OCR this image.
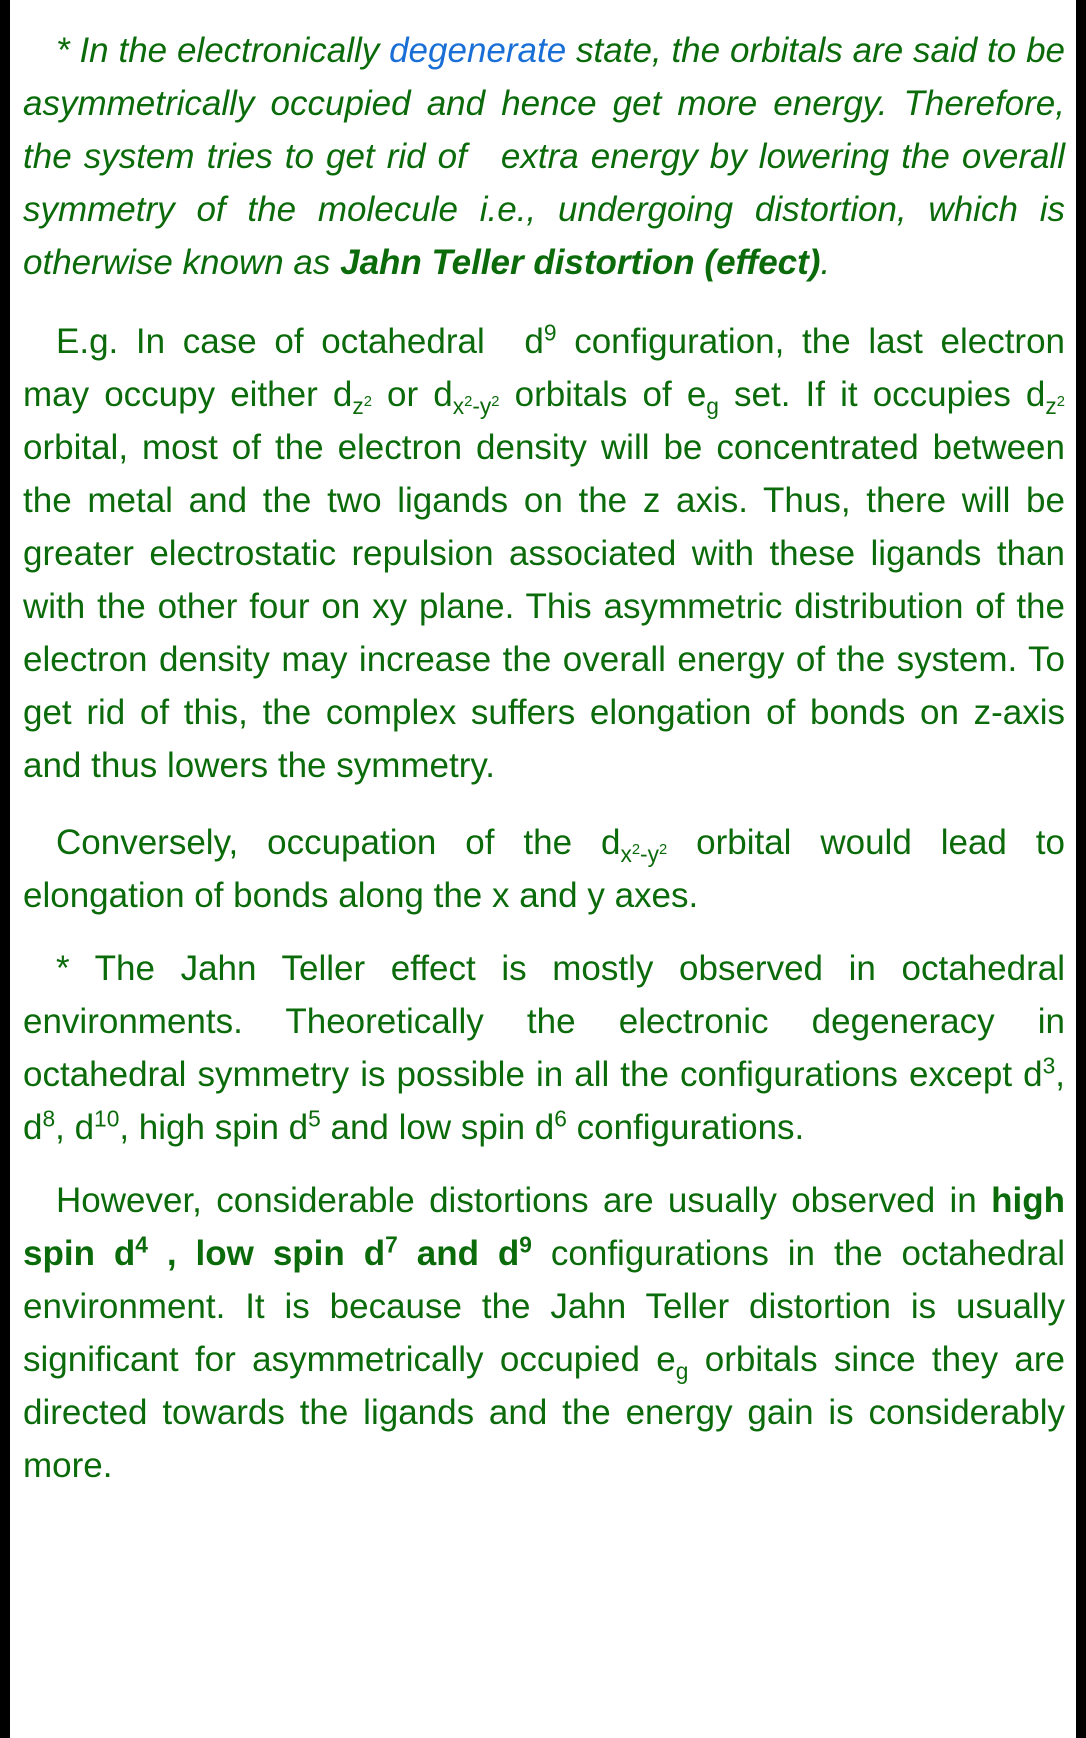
* In the electronically degenerate state, the orbitals are said to be asymmetrically occupied and hence get more energy. Therefore, the system tries to get rid of extra energy by lowering the overall symmetry of the molecule i.e., undergoing distortion, which is otherwise known as Jahn Teller distortion (effect).

E.g. In case of octahedral $d^9$ configuration, the last electron may occupy either $d_{z^2}$ or $d_{x^2-y^2}$ orbitals of $e_g$ set. If it occupies $d_{z^2}$ orbital, most of the electron density will be concentrated between the metal and the two ligands on the z axis. Thus, there will be greater electrostatic repulsion associated with these ligands than with the other four on xy plane. This asymmetric distribution of the electron density may increase the overall energy of the system. To get rid of this, the complex suffers elongation of bonds on z-axis and thus lowers the symmetry.

Conversely, occupation of the $d_{x^2-y^2}$ orbital would lead to elongation of bonds along the x and y axes.

* The Jahn Teller effect is mostly observed in octahedral environments. Theoretically the electronic degeneracy in octahedral symmetry is possible in all the configurations except $d^3$, $d^8$, $d^{10}$, high spin $d^5$ and low spin $d^6$ configurations.

However, considerable distortions are usually observed in high spin $d^4$ , low spin $d^7$ and $d^9$ configurations in the octahedral environment. It is because the Jahn Teller distortion is usually significant for asymmetrically occupied $e_g$ orbitals since they are directed towards the ligands and the energy gain is considerably more.
